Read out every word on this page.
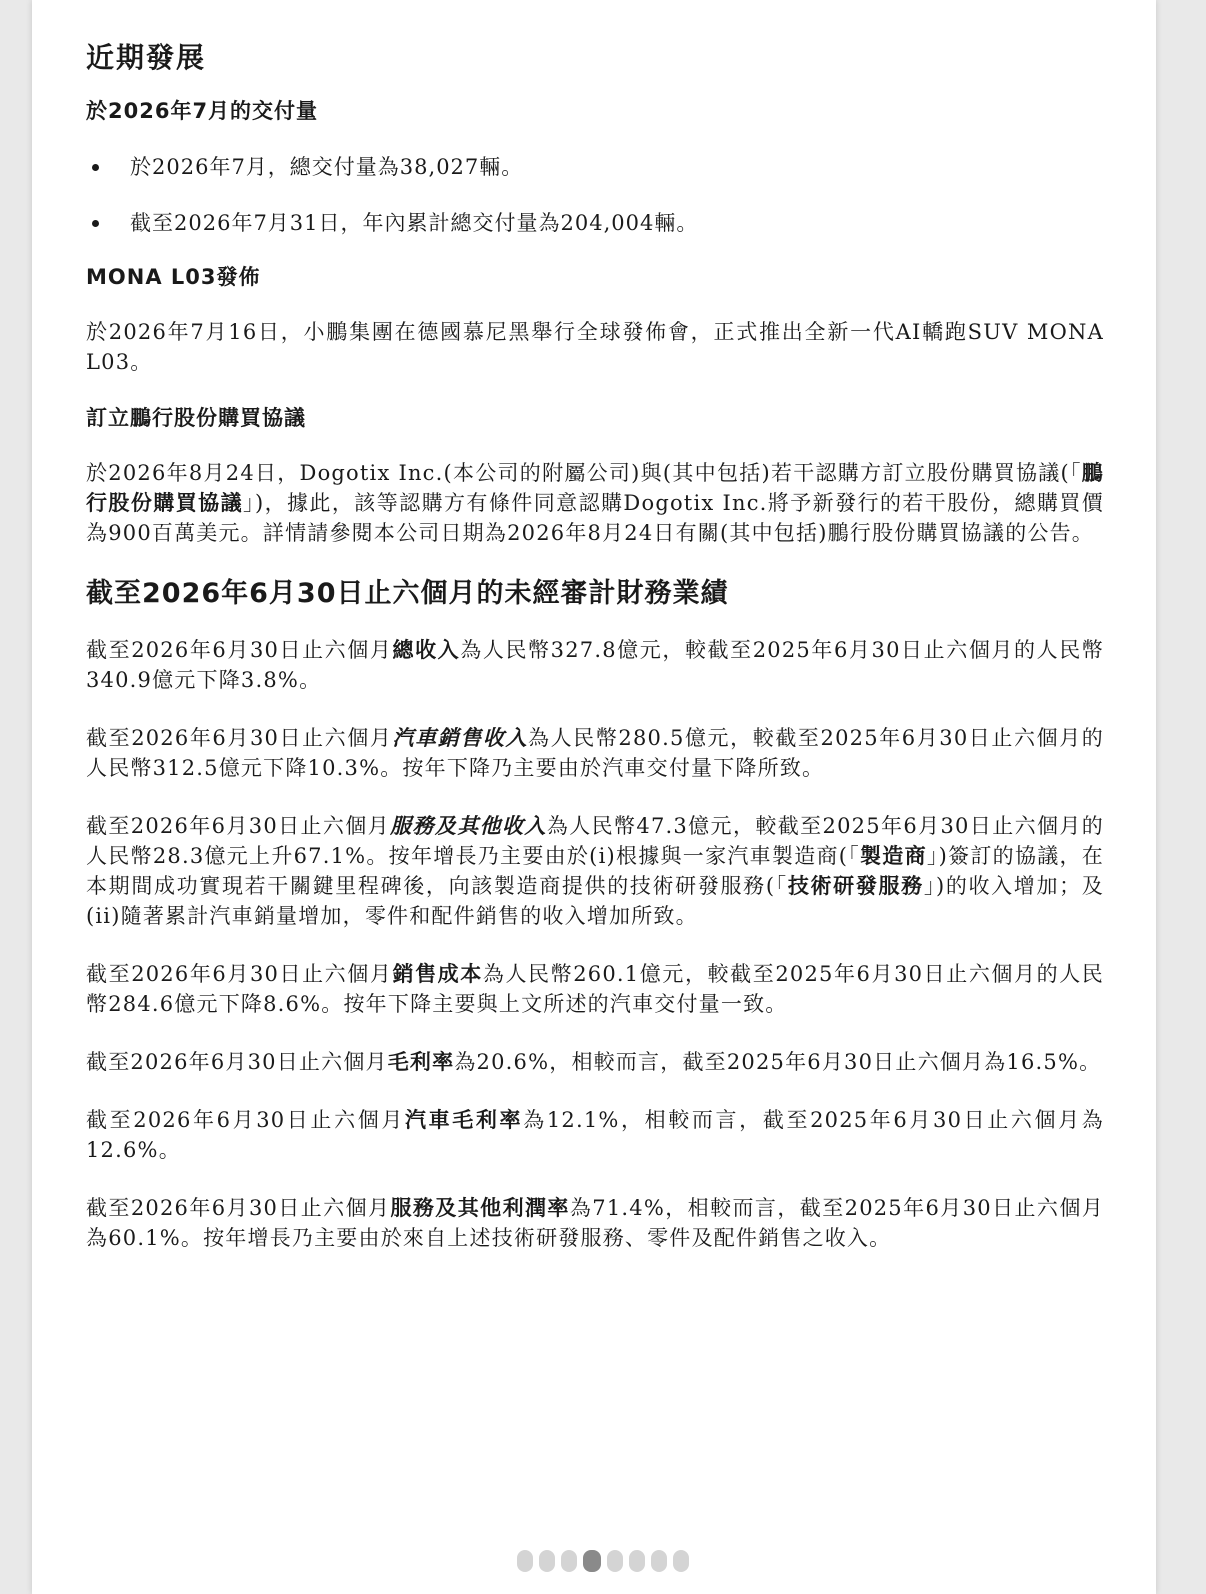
近期發展
於2026年7月的交付量
於2026年7月，總交付量為38,027輛。
截至2026年7月31日，年內累計總交付量為204,004輛。
MONA L03發佈

於2026年7月16日，小鵬集團在德國慕尼黑舉行全球發佈會，正式推出全新一代AI轎跑SUV MONA L03。

訂立鵬行股份購買協議

於2026年8月24日，Dogotix Inc.(本公司的附屬公司)與(其中包括)若干認購方訂立股份購買協議(「鵬行股份購買協議」)，據此，該等認購方有條件同意認購Dogotix Inc.將予新發行的若干股份，總購買價為900百萬美元。詳情請參閱本公司日期為2026年8月24日有關(其中包括)鵬行股份購買協議的公告。

截至2026年6月30日止六個月的未經審計財務業績

截至2026年6月30日止六個月總收入為人民幣327.8億元，較截至2025年6月30日止六個月的人民幣340.9億元下降3.8%。

截至2026年6月30日止六個月汽車銷售收入為人民幣280.5億元，較截至2025年6月30日止六個月的人民幣312.5億元下降10.3%。按年下降乃主要由於汽車交付量下降所致。

截至2026年6月30日止六個月服務及其他收入為人民幣47.3億元，較截至2025年6月30日止六個月的人民幣28.3億元上升67.1%。按年增長乃主要由於(i)根據與一家汽車製造商(「製造商」)簽訂的協議，在本期間成功實現若干關鍵里程碑後，向該製造商提供的技術研發服務(「技術研發服務」)的收入增加；及(ii)隨著累計汽車銷量增加，零件和配件銷售的收入增加所致。

截至2026年6月30日止六個月銷售成本為人民幣260.1億元，較截至2025年6月30日止六個月的人民幣284.6億元下降8.6%。按年下降主要與上文所述的汽車交付量一致。

截至2026年6月30日止六個月毛利率為20.6%，相較而言，截至2025年6月30日止六個月為16.5%。

截至2026年6月30日止六個月汽車毛利率為12.1%，相較而言，截至2025年6月30日止六個月為12.6%。

截至2026年6月30日止六個月服務及其他利潤率為71.4%，相較而言，截至2025年6月30日止六個月為60.1%。按年增長乃主要由於來自上述技術研發服務、零件及配件銷售之收入。
